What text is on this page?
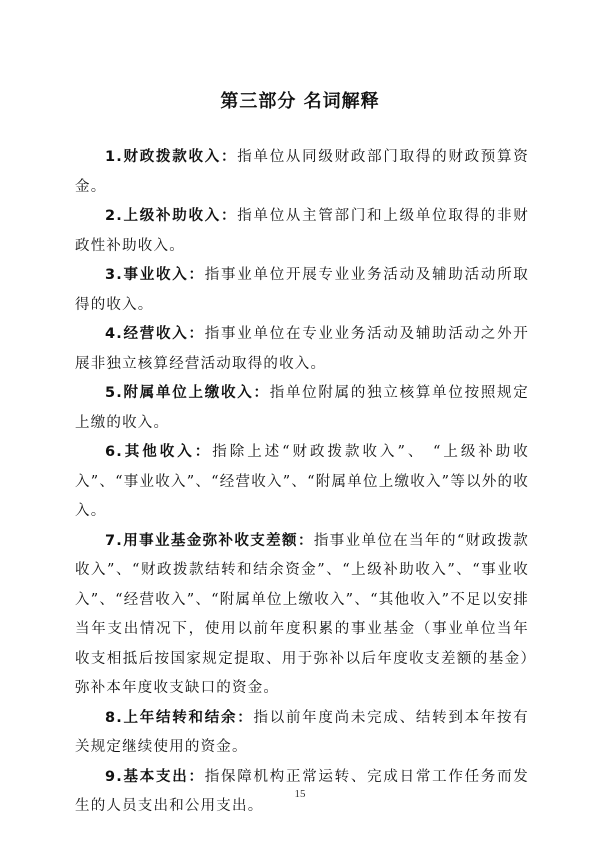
第三部分 名词解释

1.财政拨款收入：指单位从同级财政部门取得的财政预算资金。

2.上级补助收入：指单位从主管部门和上级单位取得的非财政性补助收入。

3.事业收入：指事业单位开展专业业务活动及辅助活动所取得的收入。

4.经营收入：指事业单位在专业业务活动及辅助活动之外开展非独立核算经营活动取得的收入。

5.附属单位上缴收入：指单位附属的独立核算单位按照规定上缴的收入。

6.其他收入：指除上述“财政拨款收入”、 “上级补助收入”、“事业收入”、“经营收入”、“附属单位上缴收入”等以外的收入。

7.用事业基金弥补收支差额：指事业单位在当年的“财政拨款收入”、“财政拨款结转和结余资金”、“上级补助收入”、“事业收入”、“经营收入”、“附属单位上缴收入”、“其他收入”不足以安排当年支出情况下，使用以前年度积累的事业基金（事业单位当年收支相抵后按国家规定提取、用于弥补以后年度收支差额的基金）弥补本年度收支缺口的资金。

8.上年结转和结余：指以前年度尚未完成、结转到本年按有关规定继续使用的资金。

9.基本支出：指保障机构正常运转、完成日常工作任务而发生的人员支出和公用支出。

15
